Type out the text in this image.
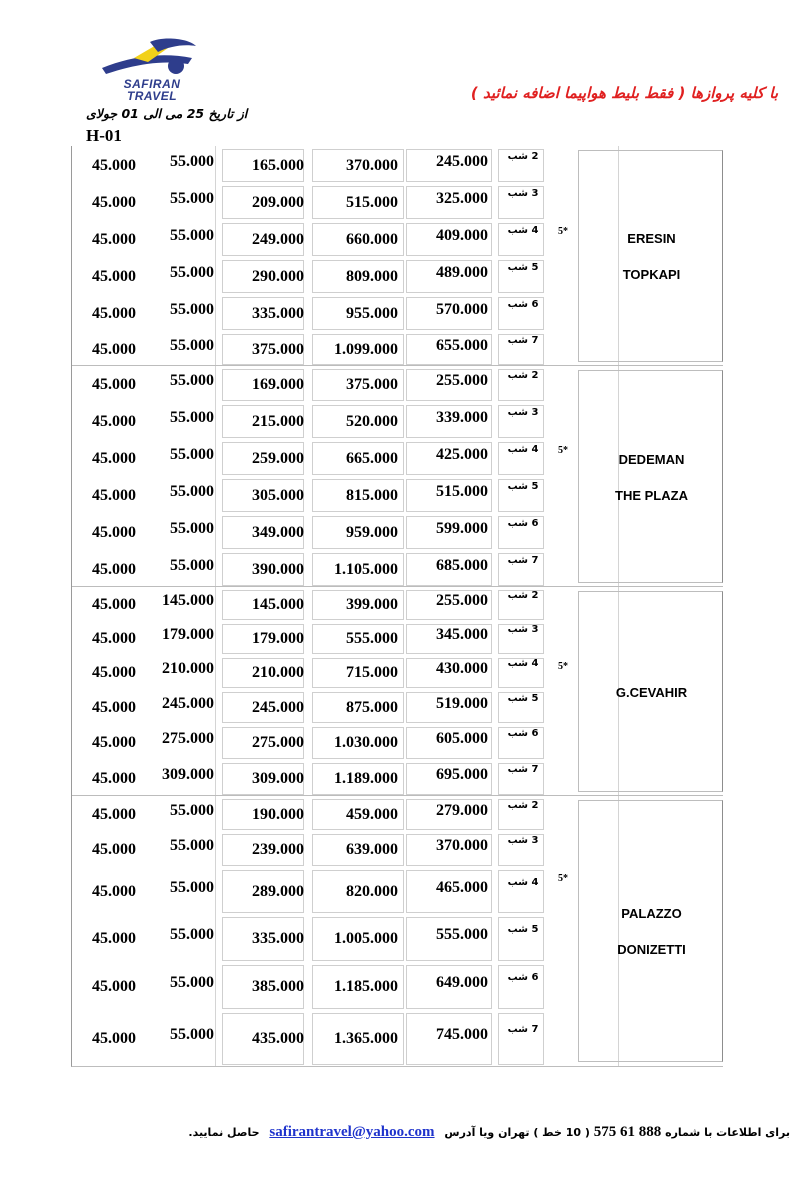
SAFIRAN
TRAVEL	با کلیه پروازها ( فقط بلیط هواپیما اضافه نمائید )
از تاریخ 25 می الی 01 جولای
H-01
ERESIN
TOPKAPI
5*
45.000	55.000	165.000	370.000	245.000	2 شب
45.000	55.000	209.000	515.000	325.000	3 شب
45.000	55.000	249.000	660.000	409.000	4 شب
45.000	55.000	290.000	809.000	489.000	5 شب
45.000	55.000	335.000	955.000	570.000	6 شب
45.000	55.000	375.000	1.099.000	655.000	7 شب
DEDEMAN
THE PLAZA
5*
45.000	55.000	169.000	375.000	255.000	2 شب
45.000	55.000	215.000	520.000	339.000	3 شب
45.000	55.000	259.000	665.000	425.000	4 شب
45.000	55.000	305.000	815.000	515.000	5 شب
45.000	55.000	349.000	959.000	599.000	6 شب
45.000	55.000	390.000	1.105.000	685.000	7 شب
G.CEVAHIR
5*
45.000	145.000	145.000	399.000	255.000	2 شب
45.000	179.000	179.000	555.000	345.000	3 شب
45.000	210.000	210.000	715.000	430.000	4 شب
45.000	245.000	245.000	875.000	519.000	5 شب
45.000	275.000	275.000	1.030.000	605.000	6 شب
45.000	309.000	309.000	1.189.000	695.000	7 شب
PALAZZO
DONIZETTI
5*
45.000	55.000	190.000	459.000	279.000	2 شب
45.000	55.000	239.000	639.000	370.000	3 شب
45.000	55.000	289.000	820.000	465.000	4 شب
45.000	55.000	335.000	1.005.000	555.000	5 شب
45.000	55.000	385.000	1.185.000	649.000	6 شب
45.000	55.000	435.000	1.365.000	745.000	7 شب
برای اطلاعات با شماره 888 61 575 ( 10 خط ) تهران ویا آدرس safirantravel@yahoo.com حاصل نمایید.
